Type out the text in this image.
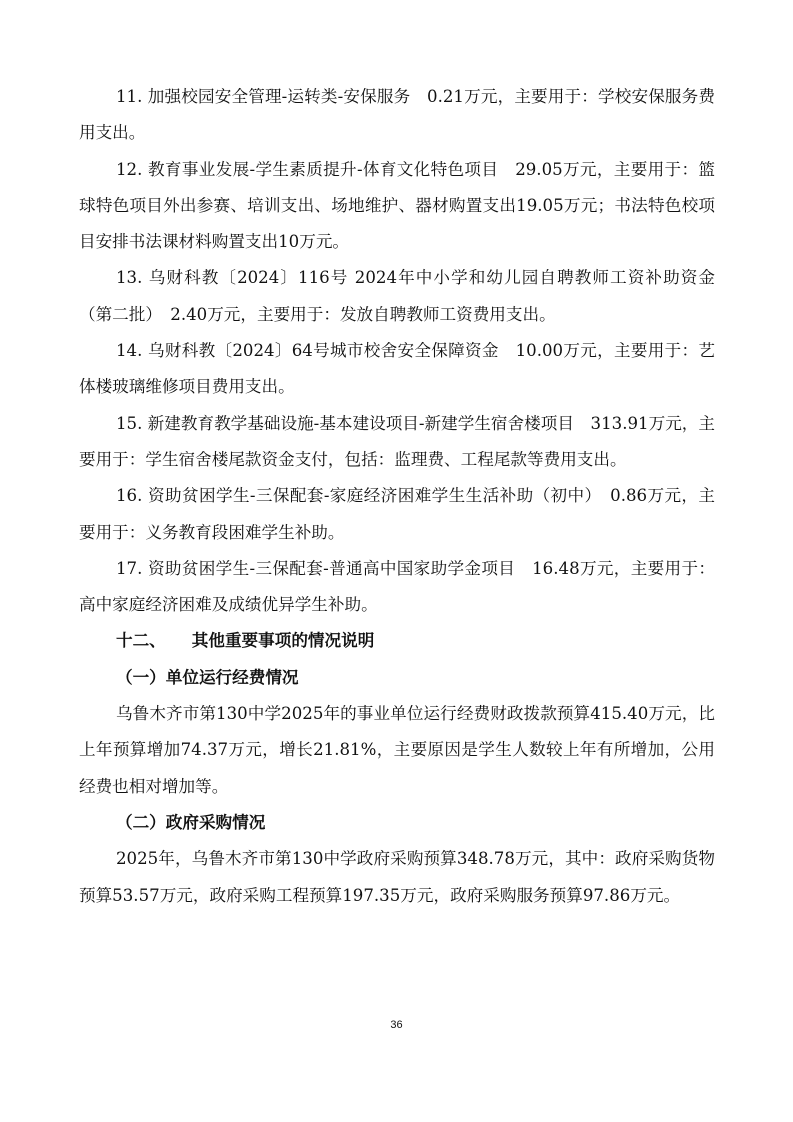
11. 加强校园安全管理-运转类-安保服务　0.21万元，主要用于：学校安保服务费用支出。

12. 教育事业发展-学生素质提升-体育文化特色项目　29.05万元，主要用于：篮球特色项目外出参赛、培训支出、场地维护、器材购置支出19.05万元；书法特色校项目安排书法课材料购置支出10万元。

13. 乌财科教〔2024〕116号 2024年中小学和幼儿园自聘教师工资补助资金（第二批）　2.40万元，主要用于：发放自聘教师工资费用支出。

14. 乌财科教〔2024〕64号城市校舍安全保障资金　10.00万元，主要用于：艺体楼玻璃维修项目费用支出。

15. 新建教育教学基础设施-基本建设项目-新建学生宿舍楼项目　313.91万元，主要用于：学生宿舍楼尾款资金支付，包括：监理费、工程尾款等费用支出。

16. 资助贫困学生-三保配套-家庭经济困难学生生活补助（初中）　0.86万元，主要用于：义务教育段困难学生补助。

17. 资助贫困学生-三保配套-普通高中国家助学金项目　16.48万元，主要用于：高中家庭经济困难及成绩优异学生补助。

十二、 其他重要事项的情况说明
（一）单位运行经费情况

乌鲁木齐市第130中学2025年的事业单位运行经费财政拨款预算415.40万元，比上年预算增加74.37万元，增长21.81%，主要原因是学生人数较上年有所增加，公用经费也相对增加等。

（二）政府采购情况

2025年，乌鲁木齐市第130中学政府采购预算348.78万元，其中：政府采购货物预算53.57万元，政府采购工程预算197.35万元，政府采购服务预算97.86万元。

36
